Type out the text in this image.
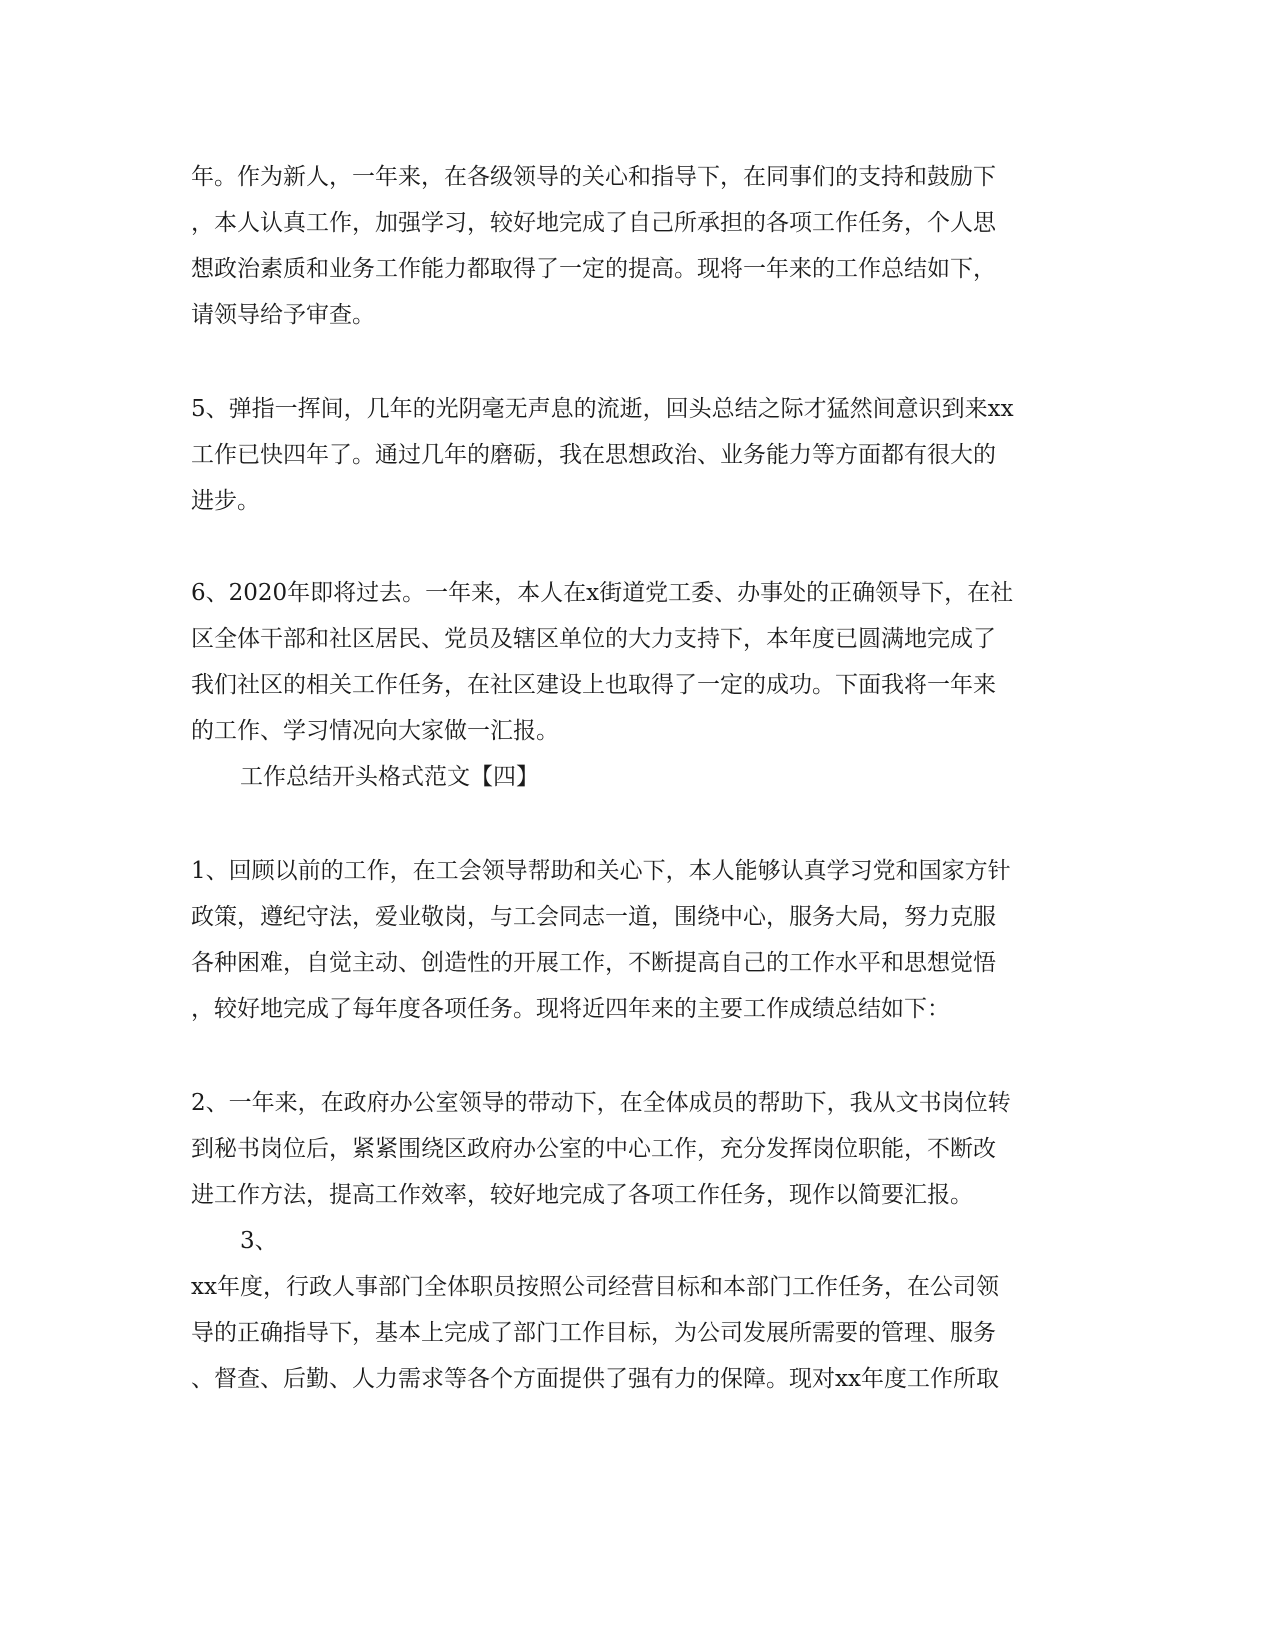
年。作为新人，一年来，在各级领导的关心和指导下，在同事们的支持和鼓励下
，本人认真工作，加强学习，较好地完成了自己所承担的各项工作任务，个人思
想政治素质和业务工作能力都取得了一定的提高。现将一年来的工作总结如下，
请领导给予审查。
5、弹指一挥间，几年的光阴毫无声息的流逝，回头总结之际才猛然间意识到来xx
工作已快四年了。通过几年的磨砺，我在思想政治、业务能力等方面都有很大的
进步。
6、2020年即将过去。一年来，本人在x街道党工委、办事处的正确领导下，在社
区全体干部和社区居民、党员及辖区单位的大力支持下，本年度已圆满地完成了
我们社区的相关工作任务，在社区建设上也取得了一定的成功。下面我将一年来
的工作、学习情况向大家做一汇报。
工作总结开头格式范文【四】
1、回顾以前的工作，在工会领导帮助和关心下，本人能够认真学习党和国家方针
政策，遵纪守法，爱业敬岗，与工会同志一道，围绕中心，服务大局，努力克服
各种困难，自觉主动、创造性的开展工作，不断提高自己的工作水平和思想觉悟
，较好地完成了每年度各项任务。现将近四年来的主要工作成绩总结如下：
2、一年来，在政府办公室领导的带动下，在全体成员的帮助下，我从文书岗位转
到秘书岗位后，紧紧围绕区政府办公室的中心工作，充分发挥岗位职能，不断改
进工作方法，提高工作效率，较好地完成了各项工作任务，现作以简要汇报。
3、
xx年度，行政人事部门全体职员按照公司经营目标和本部门工作任务，在公司领
导的正确指导下，基本上完成了部门工作目标，为公司发展所需要的管理、服务
、督查、后勤、人力需求等各个方面提供了强有力的保障。现对xx年度工作所取
